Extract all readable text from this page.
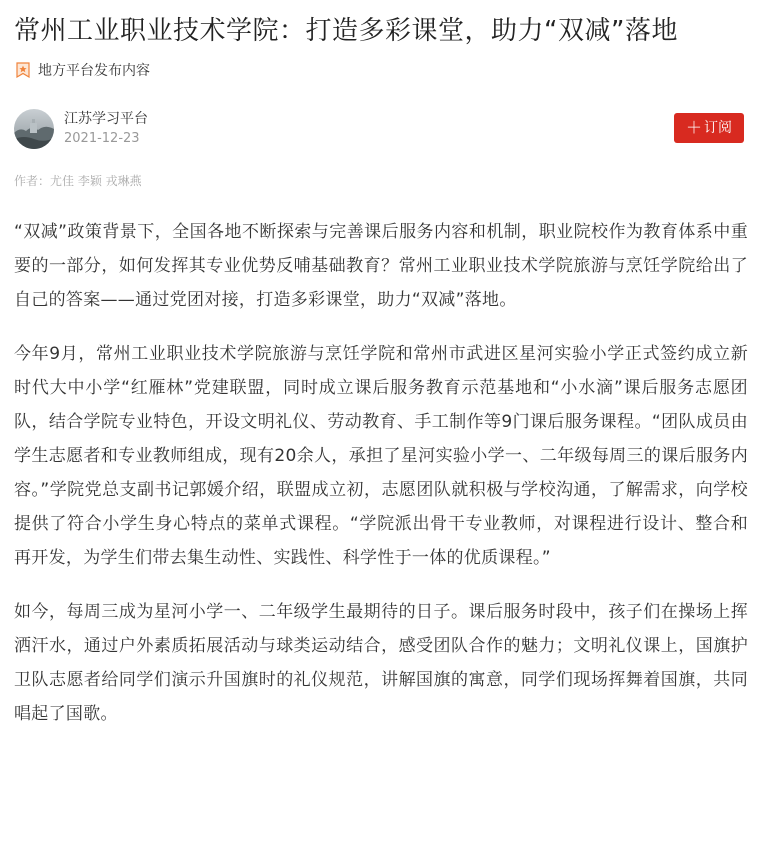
常州工业职业技术学院：打造多彩课堂，助力“双减”落地
地方平台发布内容
江苏学习平台
2021-12-23
＋ 订阅
作者：尤佳 李颖 戎琳燕

“双减”政策背景下，全国各地不断探索与完善课后服务内容和机制，职业院校作为教育体系中重要的一部分，如何发挥其专业优势反哺基础教育？常州工业职业技术学院旅游与烹饪学院给出了自己的答案——通过党团对接，打造多彩课堂，助力“双减”落地。

今年9月，常州工业职业技术学院旅游与烹饪学院和常州市武进区星河实验小学正式签约成立新时代大中小学“红雁林”党建联盟，同时成立课后服务教育示范基地和“小水滴”课后服务志愿团队，结合学院专业特色，开设文明礼仪、劳动教育、手工制作等9门课后服务课程。“团队成员由学生志愿者和专业教师组成，现有20余人，承担了星河实验小学一、二年级每周三的课后服务内容。”学院党总支副书记郭媛介绍，联盟成立初，志愿团队就积极与学校沟通，了解需求，向学校提供了符合小学生身心特点的菜单式课程。“学院派出骨干专业教师，对课程进行设计、整合和再开发，为学生们带去集生动性、实践性、科学性于一体的优质课程。”

如今，每周三成为星河小学一、二年级学生最期待的日子。课后服务时段中，孩子们在操场上挥洒汗水，通过户外素质拓展活动与球类运动结合，感受团队合作的魅力；文明礼仪课上，国旗护卫队志愿者给同学们演示升国旗时的礼仪规范，讲解国旗的寓意，同学们现场挥舞着国旗，共同唱起了国歌。
